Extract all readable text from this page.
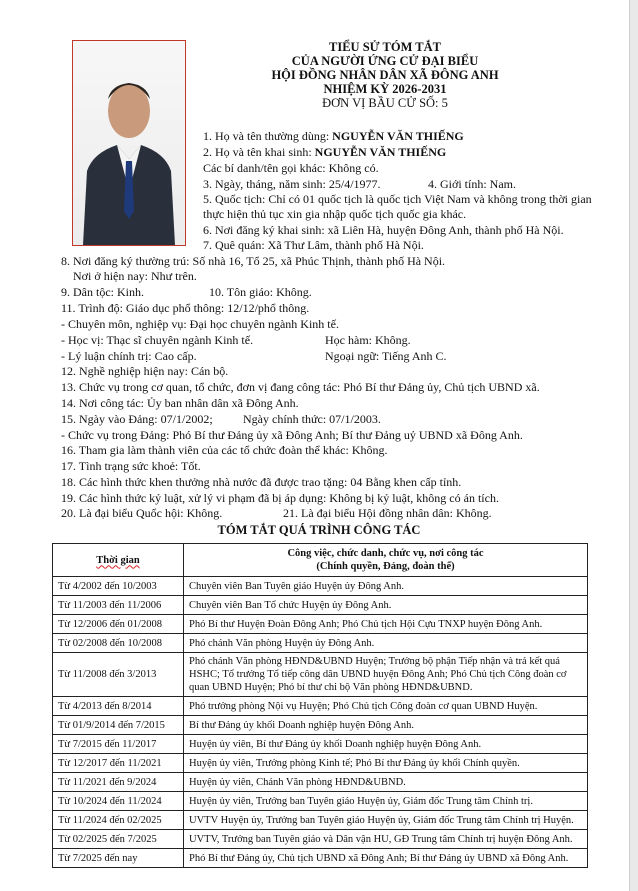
TIỂU SỬ TÓM TẮT
CỦA NGƯỜI ỨNG CỬ ĐẠI BIỂU
HỘI ĐỒNG NHÂN DÂN XÃ ĐÔNG ANH
NHIỆM KỲ 2026-2031
ĐƠN VỊ BẦU CỬ SỐ: 5
1. Họ và tên thường dùng: NGUYỄN VĂN THIẾNG
2. Họ và tên khai sinh: NGUYỄN VĂN THIẾNG
Các bí danh/tên gọi khác: Không có.
3. Ngày, tháng, năm sinh: 25/4/1977.	4. Giới tính: Nam.
5. Quốc tịch: Chỉ có 01 quốc tịch là quốc tịch Việt Nam và không trong thời gian
thực hiện thủ tục xin gia nhập quốc tịch quốc gia khác.
6. Nơi đăng ký khai sinh: xã Liên Hà, huyện Đông Anh, thành phố Hà Nội.
7. Quê quán: Xã Thư Lâm, thành phố Hà Nội.
8. Nơi đăng ký thường trú: Số nhà 16, Tổ 25, xã Phúc Thịnh, thành phố Hà Nội.
Nơi ở hiện nay: Như trên.
9. Dân tộc: Kinh.	10. Tôn giáo: Không.
11. Trình độ: Giáo dục phổ thông: 12/12/phổ thông.
- Chuyên môn, nghiệp vụ: Đại học chuyên ngành Kinh tế.
- Học vị: Thạc sĩ chuyên ngành Kinh tế.	Học hàm: Không.
- Lý luận chính trị: Cao cấp.	Ngoại ngữ: Tiếng Anh C.
12. Nghề nghiệp hiện nay: Cán bộ.
13. Chức vụ trong cơ quan, tổ chức, đơn vị đang công tác: Phó Bí thư Đảng ủy, Chủ tịch UBND xã.
14. Nơi công tác: Ủy ban nhân dân xã Đông Anh.
15. Ngày vào Đảng: 07/1/2002;	Ngày chính thức: 07/1/2003.
- Chức vụ trong Đảng: Phó Bí thư Đảng ủy xã Đông Anh; Bí thư Đảng uỷ UBND xã Đông Anh.
16. Tham gia làm thành viên của các tổ chức đoàn thể khác: Không.
17. Tình trạng sức khoẻ: Tốt.
18. Các hình thức khen thưởng nhà nước đã được trao tặng: 04 Bằng khen cấp tỉnh.
19. Các hình thức kỷ luật, xử lý vi phạm đã bị áp dụng: Không bị kỷ luật, không có án tích.
20. Là đại biểu Quốc hội: Không.	21. Là đại biểu Hội đồng nhân dân: Không.
TÓM TẮT QUÁ TRÌNH CÔNG TÁC
Thời gian	Công việc, chức danh, chức vụ, nơi công tác
(Chính quyền, Đảng, đoàn thể)

Từ 4/2002 đến 10/2003	Chuyên viên Ban Tuyên giáo Huyện ủy Đông Anh.
Từ 11/2003 đến 11/2006	Chuyên viên Ban Tổ chức Huyện ủy Đông Anh.
Từ 12/2006 đến 01/2008	Phó Bí thư Huyện Đoàn Đông Anh; Phó Chủ tịch Hội Cựu TNXP huyện Đông Anh.
Từ 02/2008 đến 10/2008	Phó chánh Văn phòng Huyện ủy Đông Anh.
Từ 11/2008 đến 3/2013	Phó chánh Văn phòng HĐND&UBND Huyện; Trưởng bộ phận Tiếp nhận và trả kết quả HSHC; Tổ trưởng Tổ tiếp công dân UBND huyện Đông Anh; Phó Chủ tịch Công đoàn cơ quan UBND Huyện; Phó bí thư chi bộ Văn phòng HĐND&UBND.
Từ 4/2013 đến 8/2014	Phó trưởng phòng Nội vụ Huyện; Phó Chủ tịch Công đoàn cơ quan UBND Huyện.
Từ 01/9/2014 đến 7/2015	Bí thư Đảng ủy khối Doanh nghiệp huyện Đông Anh.
Từ 7/2015 đến 11/2017	Huyện ủy viên, Bí thư Đảng ủy khối Doanh nghiệp huyện Đông Anh.
Từ 12/2017 đến 11/2021	Huyện ủy viên, Trưởng phòng Kinh tế; Phó Bí thư Đảng ủy khối Chính quyền.
Từ 11/2021 đến 9/2024	Huyện ủy viên, Chánh Văn phòng HĐND&UBND.
Từ 10/2024 đến 11/2024	Huyện ủy viên, Trưởng ban Tuyên giáo Huyện ủy, Giám đốc Trung tâm Chính trị.
Từ 11/2024 đến 02/2025	UVTV Huyện ủy, Trưởng ban Tuyên giáo Huyện ủy, Giám đốc Trung tâm Chính trị Huyện.
Từ 02/2025 đến 7/2025	UVTV, Trưởng ban Tuyên giáo và Dân vận HU, GĐ Trung tâm Chính trị huyện Đông Anh.
Từ 7/2025 đến nay	Phó Bí thư Đảng ủy, Chủ tịch UBND xã Đông Anh; Bí thư Đảng ủy UBND xã Đông Anh.
